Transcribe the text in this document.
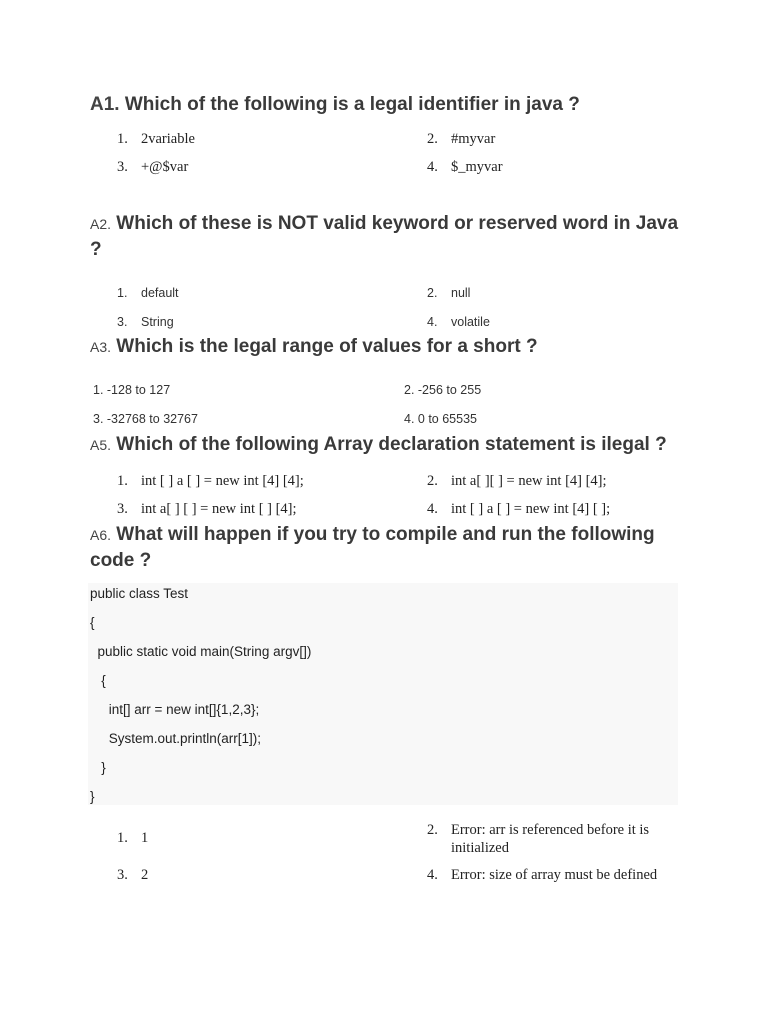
A1. Which of the following is a legal identifier in java ?
1. 2variable	2. #myvar
3. +@$var	4. $_myvar
A2. Which of these is NOT valid keyword or reserved word in Java ?
1. default	2. null
3. String	4. volatile
A3. Which is the legal range of values for a short ?
1. -128 to 127	2. -256 to 255
3. -32768 to 32767	4. 0 to 65535
A5. Which of the following Array declaration statement is ilegal ?
1. int [ ] a [ ] = new int [4] [4];	2. int a[ ][ ] = new int [4] [4];
3. int a[ ] [ ] = new int [ ] [4];	4. int [ ] a [ ] = new int [4] [ ];
A6. What will happen if you try to compile and run the following code ?
public class Test
{
public static void main(String argv[])
{
int[] arr = new int[]{1,2,3};
System.out.println(arr[1]);
}
}
1. 1	2. Error: arr is referenced before it is initialized
3. 2	4. Error: size of array must be defined
